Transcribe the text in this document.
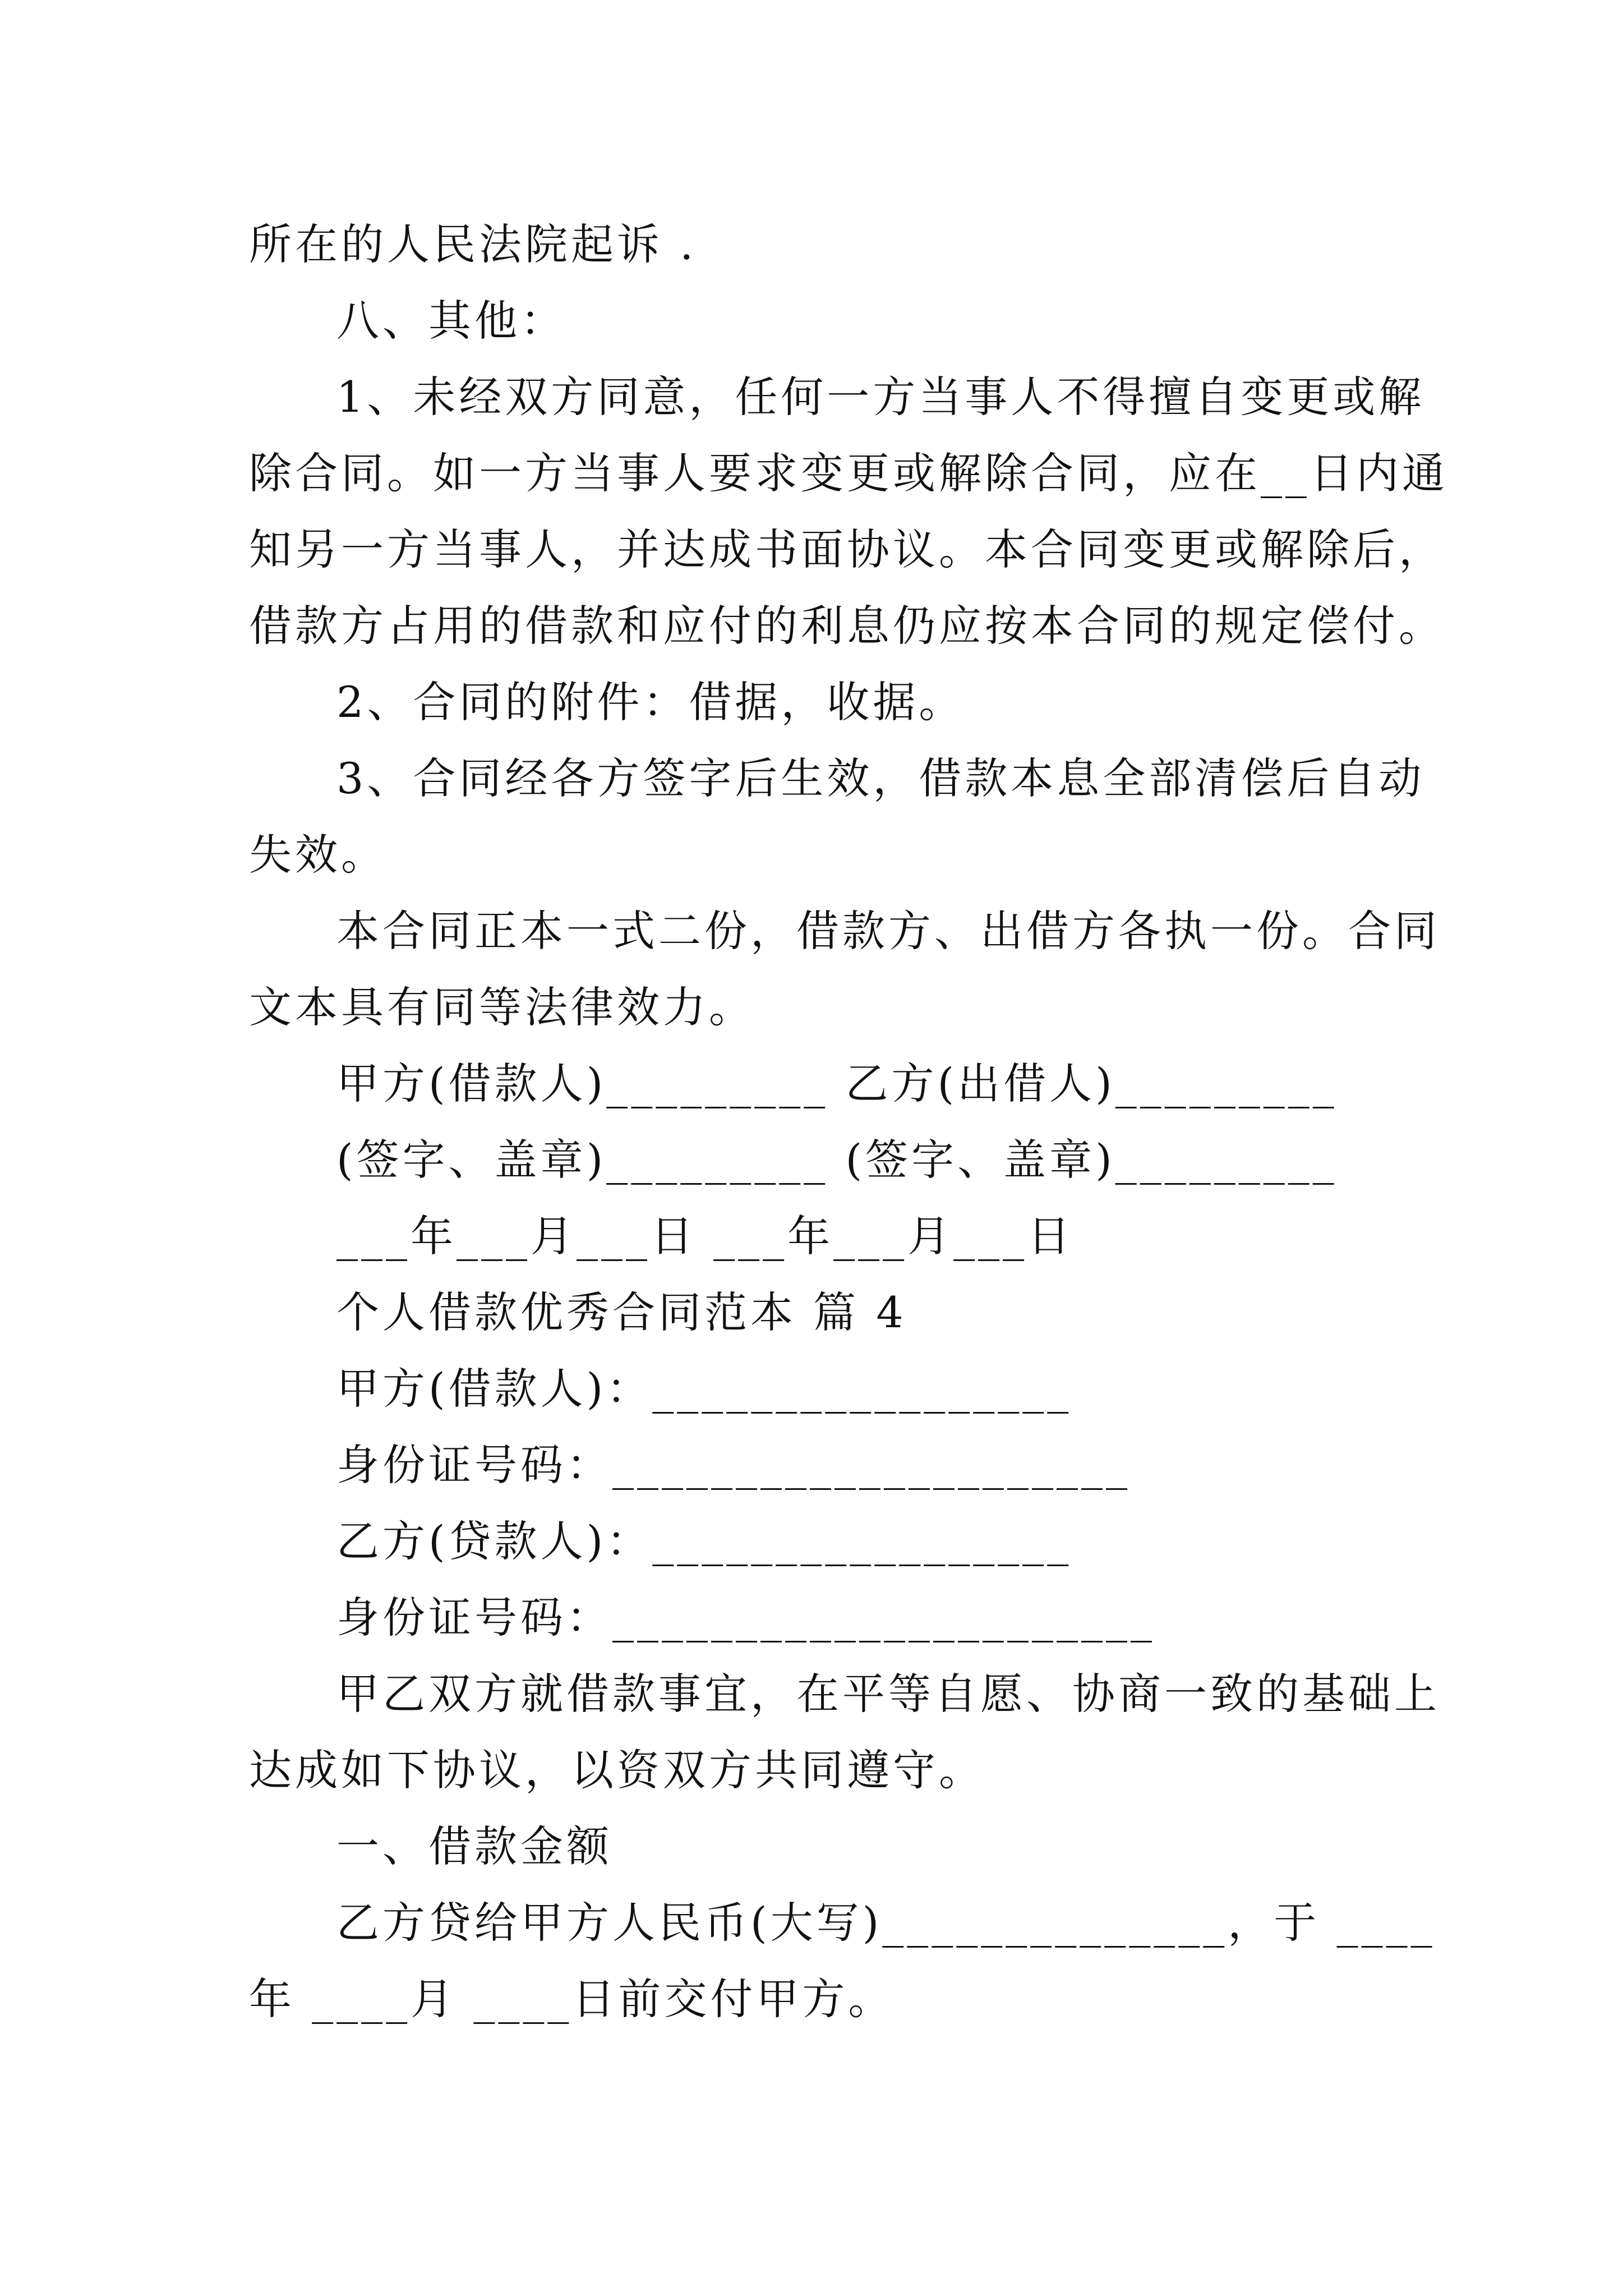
所在的人民法院起诉 .
八、其他：
1、未经双方同意，任何一方当事人不得擅自变更或解
除合同。如一方当事人要求变更或解除合同，应在__日内通
知另一方当事人，并达成书面协议。本合同变更或解除后，
借款方占用的借款和应付的利息仍应按本合同的规定偿付。
2、合同的附件：借据，收据。
3、合同经各方签字后生效，借款本息全部清偿后自动
失效。
本合同正本一式二份，借款方、出借方各执一份。合同
文本具有同等法律效力。
甲方(借款人)_________ 乙方(出借人)_________
(签字、盖章)_________ (签字、盖章)_________
___年___月___日 ___年___月___日
个人借款优秀合同范本 篇 4
甲方(借款人)：_________________
身份证号码：_____________________
乙方(贷款人)：_________________
身份证号码：______________________
甲乙双方就借款事宜，在平等自愿、协商一致的基础上
达成如下协议，以资双方共同遵守。
一、借款金额
乙方贷给甲方人民币(大写)______________，于 ____
年 ____月 ____日前交付甲方。
